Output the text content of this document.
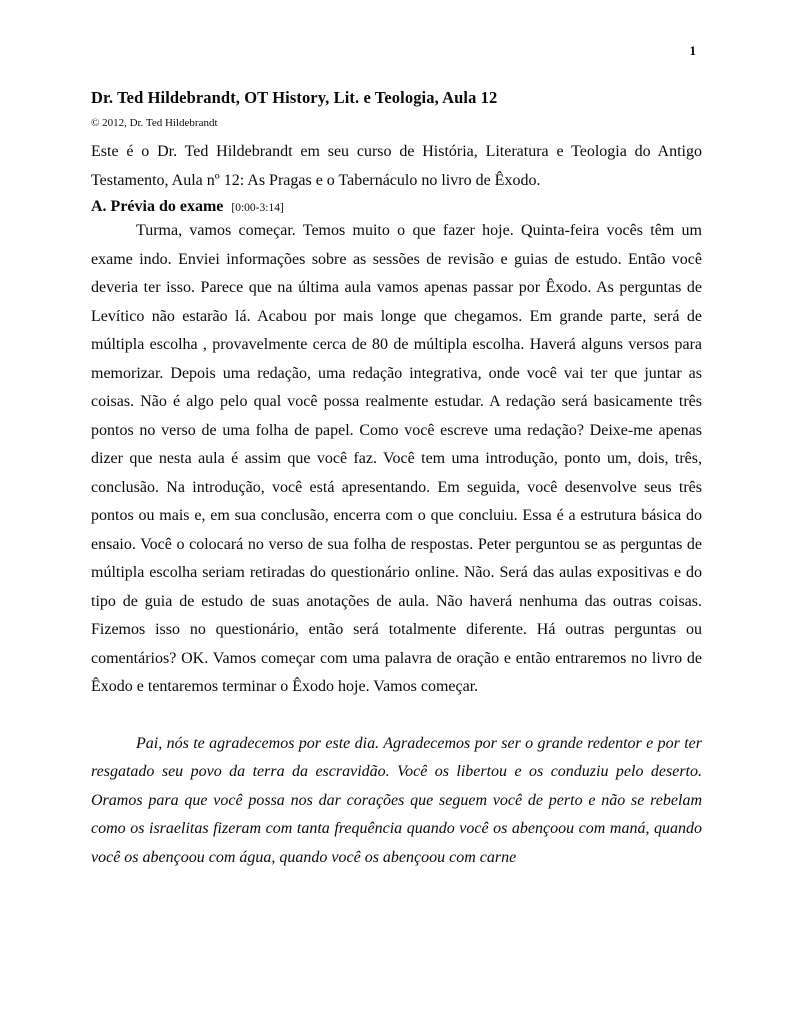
1
Dr. Ted Hildebrandt, OT History, Lit. e Teologia, Aula 12
© 2012, Dr. Ted Hildebrandt

Este é o Dr. Ted Hildebrandt em seu curso de História, Literatura e Teologia do Antigo Testamento, Aula nº 12: As Pragas e o Tabernáculo no livro de Êxodo.

A. Prévia do exame [0:00-3:14]

Turma, vamos começar. Temos muito o que fazer hoje. Quinta-feira vocês têm um exame indo. Enviei informações sobre as sessões de revisão e guias de estudo. Então você deveria ter isso. Parece que na última aula vamos apenas passar por Êxodo. As perguntas de Levítico não estarão lá. Acabou por mais longe que chegamos. Em grande parte, será de múltipla escolha , provavelmente cerca de 80 de múltipla escolha. Haverá alguns versos para memorizar. Depois uma redação, uma redação integrativa, onde você vai ter que juntar as coisas. Não é algo pelo qual você possa realmente estudar. A redação será basicamente três pontos no verso de uma folha de papel. Como você escreve uma redação? Deixe-me apenas dizer que nesta aula é assim que você faz. Você tem uma introdução, ponto um, dois, três, conclusão. Na introdução, você está apresentando. Em seguida, você desenvolve seus três pontos ou mais e, em sua conclusão, encerra com o que concluiu. Essa é a estrutura básica do ensaio. Você o colocará no verso de sua folha de respostas. Peter perguntou se as perguntas de múltipla escolha seriam retiradas do questionário online. Não. Será das aulas expositivas e do tipo de guia de estudo de suas anotações de aula. Não haverá nenhuma das outras coisas. Fizemos isso no questionário, então será totalmente diferente. Há outras perguntas ou comentários? OK. Vamos começar com uma palavra de oração e então entraremos no livro de Êxodo e tentaremos terminar o Êxodo hoje. Vamos começar.

Pai, nós te agradecemos por este dia. Agradecemos por ser o grande redentor e por ter resgatado seu povo da terra da escravidão. Você os libertou e os conduziu pelo deserto. Oramos para que você possa nos dar corações que seguem você de perto e não se rebelam como os israelitas fizeram com tanta frequência quando você os abençoou com maná, quando você os abençoou com água, quando você os abençoou com carne
